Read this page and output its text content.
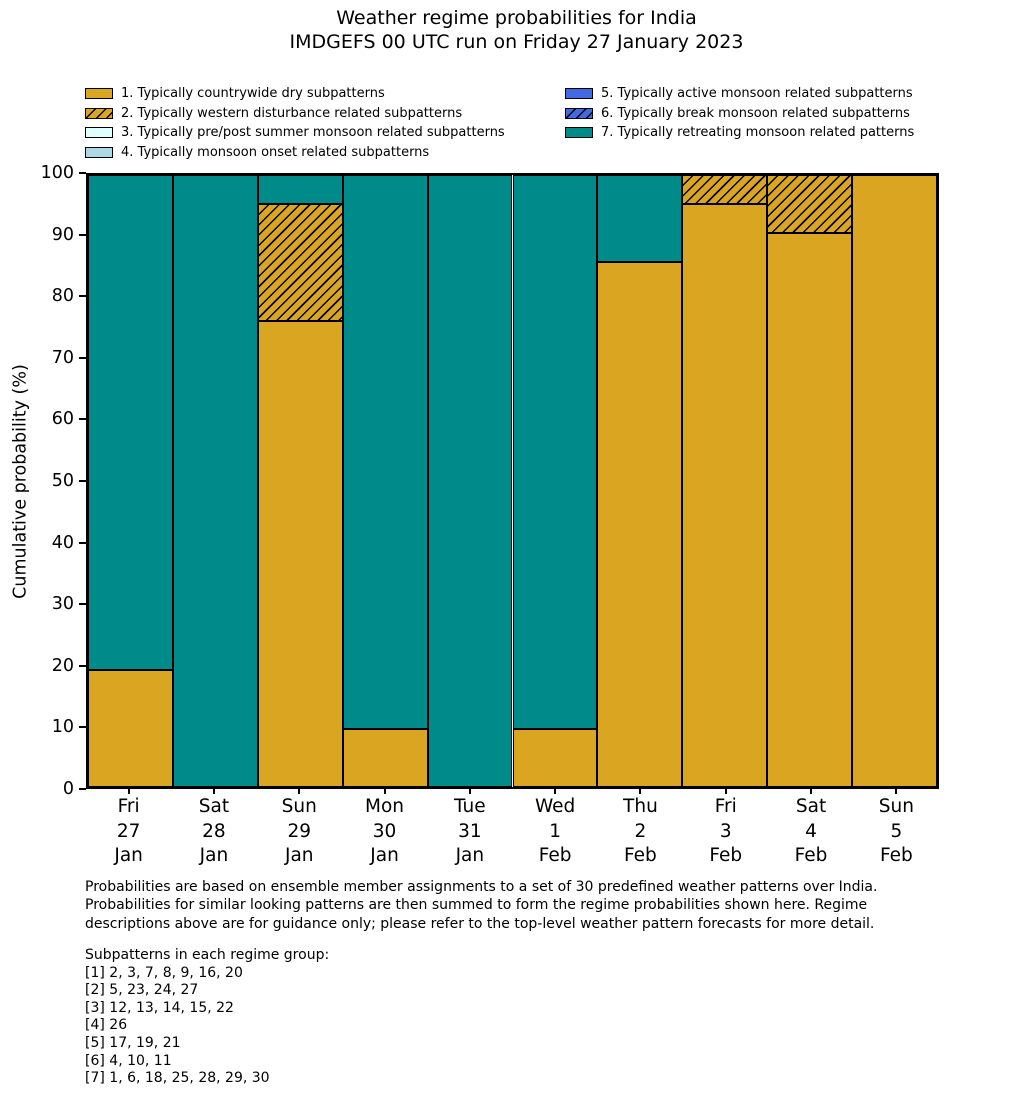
Weather regime probabilities for India
IMDGEFS 00 UTC run on Friday 27 January 2023
1. Typically countrywide dry subpatterns
2. Typically western disturbance related subpatterns
3. Typically pre/post summer monsoon related subpatterns
4. Typically monsoon onset related subpatterns
5. Typically active monsoon related subpatterns
6. Typically break monsoon related subpatterns
7. Typically retreating monsoon related patterns
Cumulative probability (%)
Probabilities are based on ensemble member assignments to a set of 30 predefined weather patterns over India.
Probabilities for similar looking patterns are then summed to form the regime probabilities shown here. Regime
descriptions above are for guidance only; please refer to the top-level weather pattern forecasts for more detail.
Subpatterns in each regime group:
[1] 2, 3, 7, 8, 9, 16, 20
[2] 5, 23, 24, 27
[3] 12, 13, 14, 15, 22
[4] 26
[5] 17, 19, 21
[6] 4, 10, 11
[7] 1, 6, 18, 25, 28, 29, 30
0
10
20
30
40
50
60
70
80
90
100
Fri
27
Jan
Sat
28
Jan
Sun
29
Jan
Mon
30
Jan
Tue
31
Jan
Wed
1
Feb
Thu
2
Feb
Fri
3
Feb
Sat
4
Feb
Sun
5
Feb
